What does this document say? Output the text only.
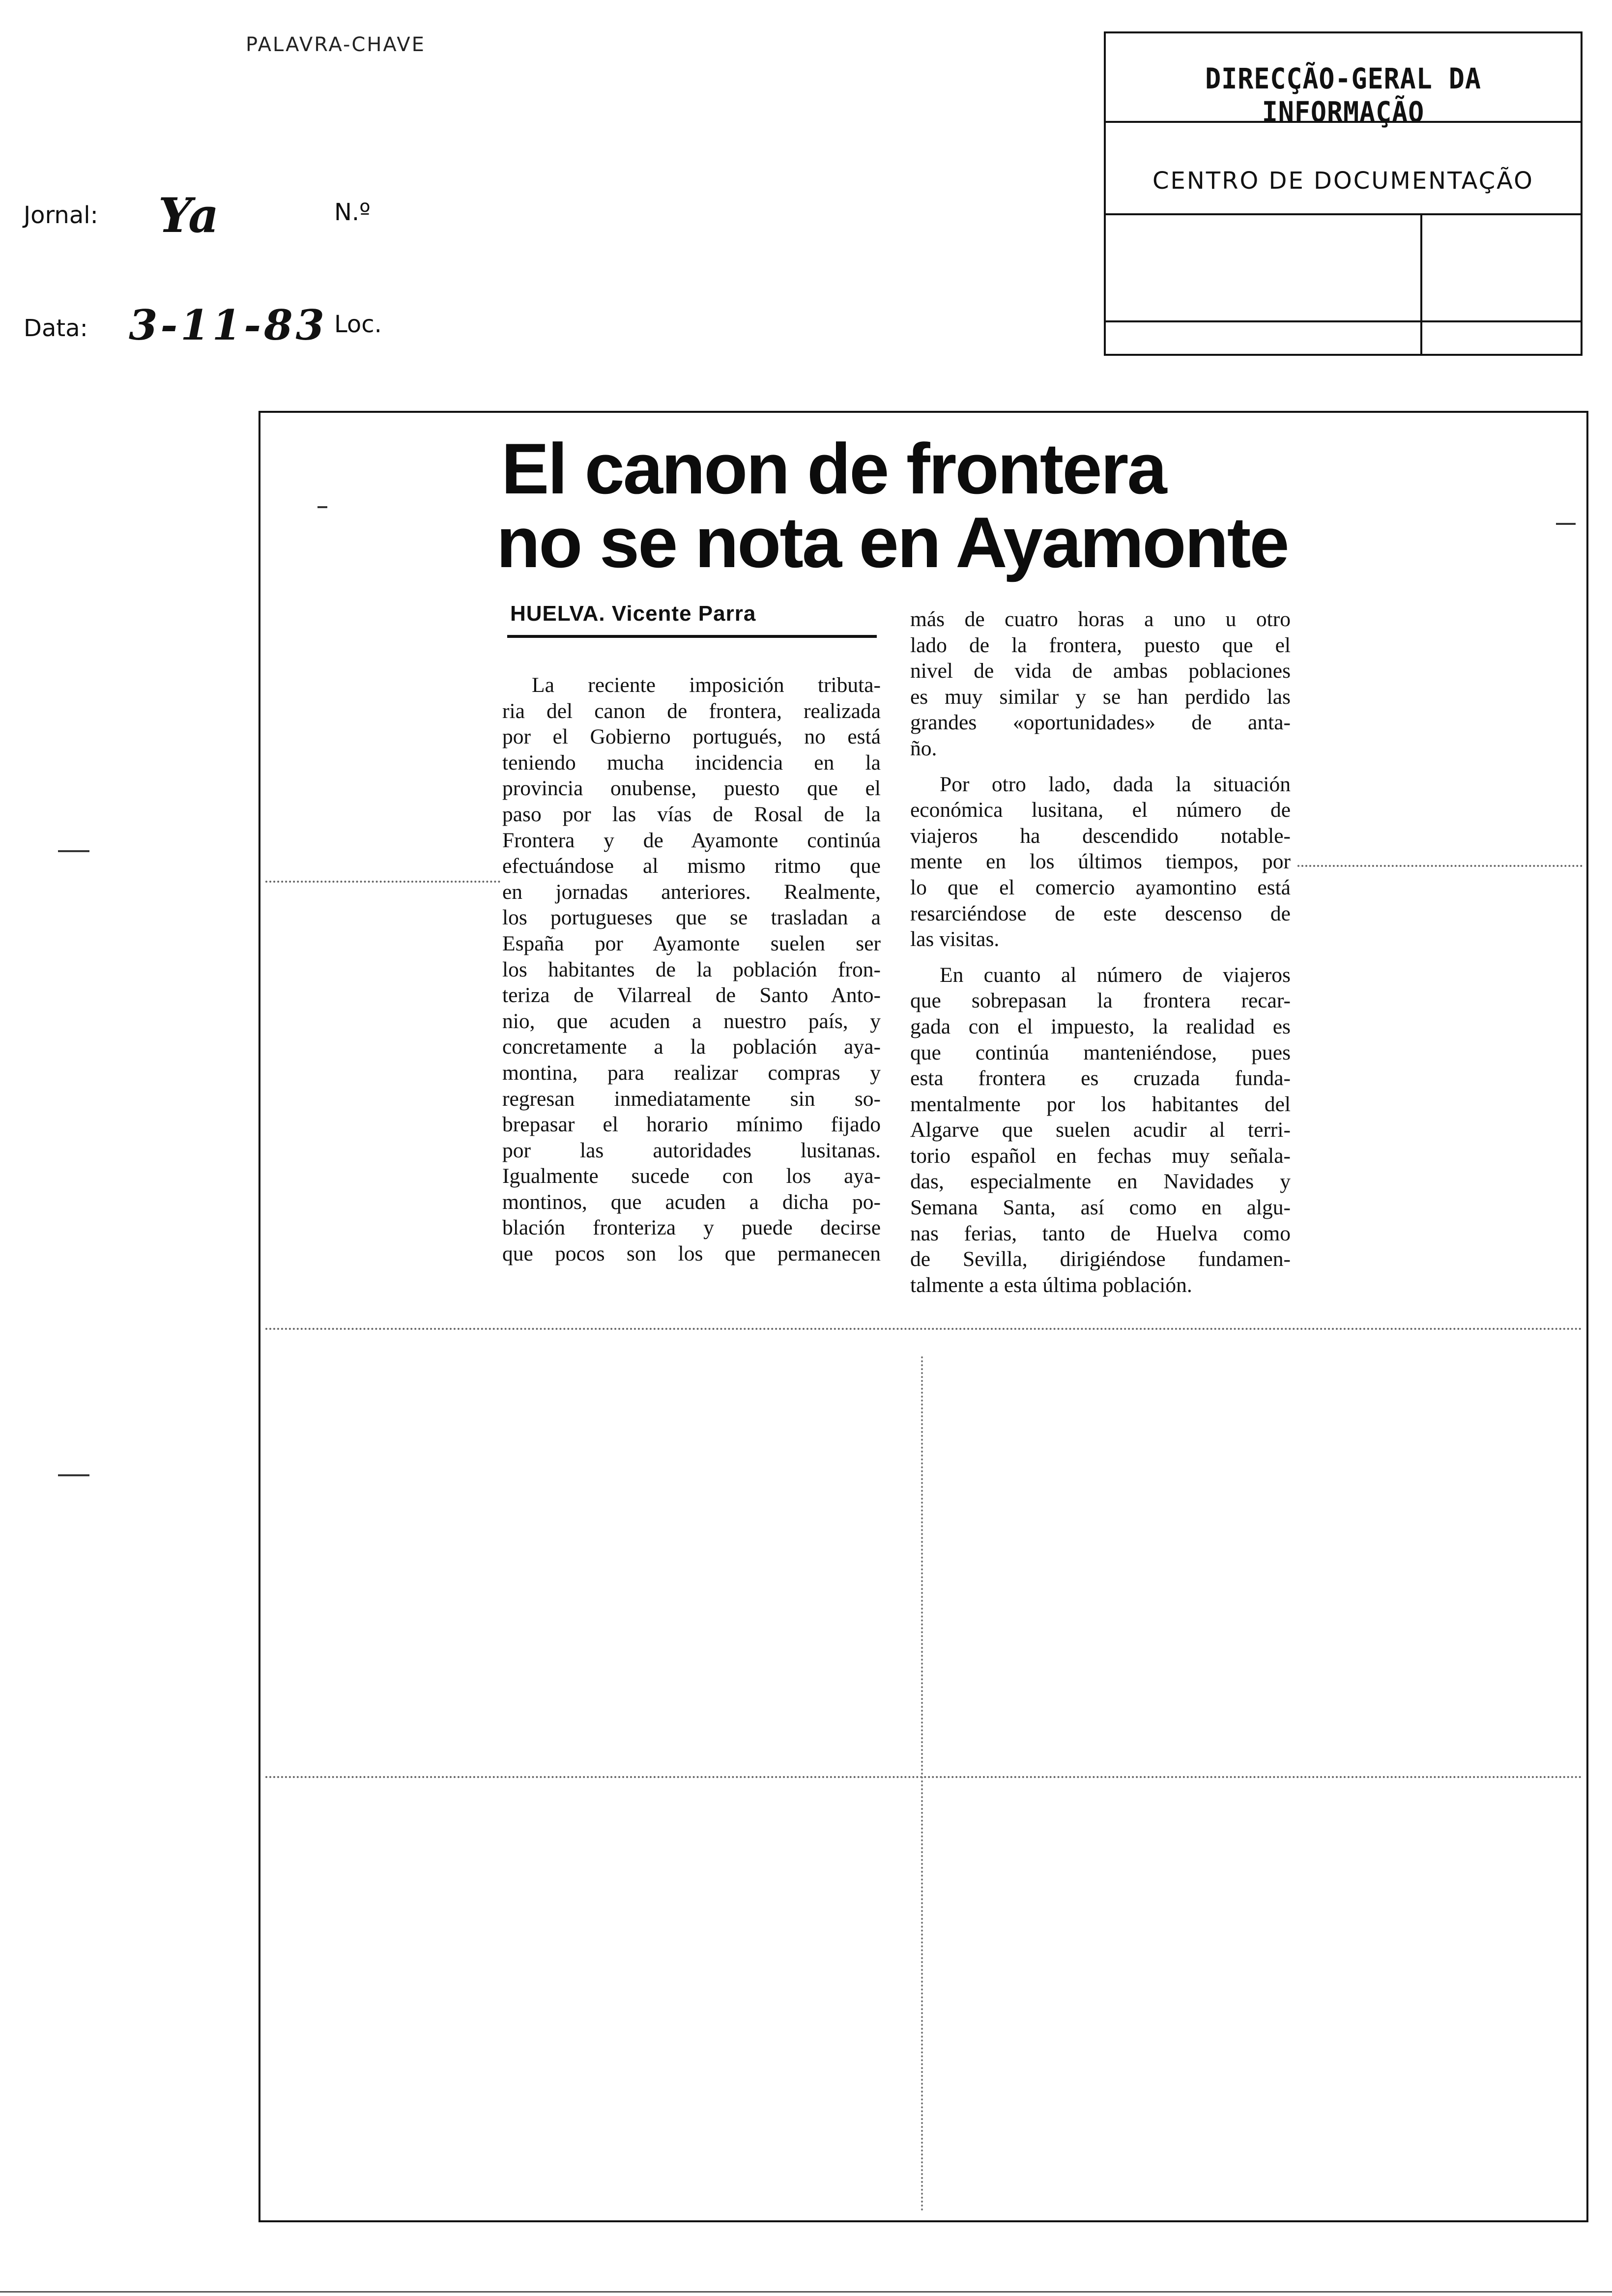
PALAVRA-CHAVE
DIRECÇÃO-GERAL DA INFORMAÇÃO
CENTRO DE DOCUMENTAÇÃO
Jornal: Ya	N.º
Data: 3-11-83 Loc.
El canon de frontera
no se nota en Ayamonte
HUELVA. Vicente Parra
La reciente imposición tributa-
ria del canon de frontera, realizada
por el Gobierno portugués, no está
teniendo mucha incidencia en la
provincia onubense, puesto que el
paso por las vías de Rosal de la
Frontera y de Ayamonte continúa
efectuándose al mismo ritmo que
en jornadas anteriores. Realmente,
los portugueses que se trasladan a
España por Ayamonte suelen ser
los habitantes de la población fron-
teriza de Vilarreal de Santo Anto-
nio, que acuden a nuestro país, y
concretamente a la población aya-
montina, para realizar compras y
regresan inmediatamente sin so-
brepasar el horario mínimo fijado
por las autoridades lusitanas.
Igualmente sucede con los aya-
montinos, que acuden a dicha po-
blación fronteriza y puede decirse
que pocos son los que permanecen
más de cuatro horas a uno u otro
lado de la frontera, puesto que el
nivel de vida de ambas poblaciones
es muy similar y se han perdido las
grandes «oportunidades» de anta-
ño.
Por otro lado, dada la situación
económica lusitana, el número de
viajeros ha descendido notable-
mente en los últimos tiempos, por
lo que el comercio ayamontino está
resarciéndose de este descenso de
las visitas.
En cuanto al número de viajeros
que sobrepasan la frontera recar-
gada con el impuesto, la realidad es
que continúa manteniéndose, pues
esta frontera es cruzada funda-
mentalmente por los habitantes del
Algarve que suelen acudir al terri-
torio español en fechas muy señala-
das, especialmente en Navidades y
Semana Santa, así como en algu-
nas ferias, tanto de Huelva como
de Sevilla, dirigiéndose fundamen-
talmente a esta última población.
